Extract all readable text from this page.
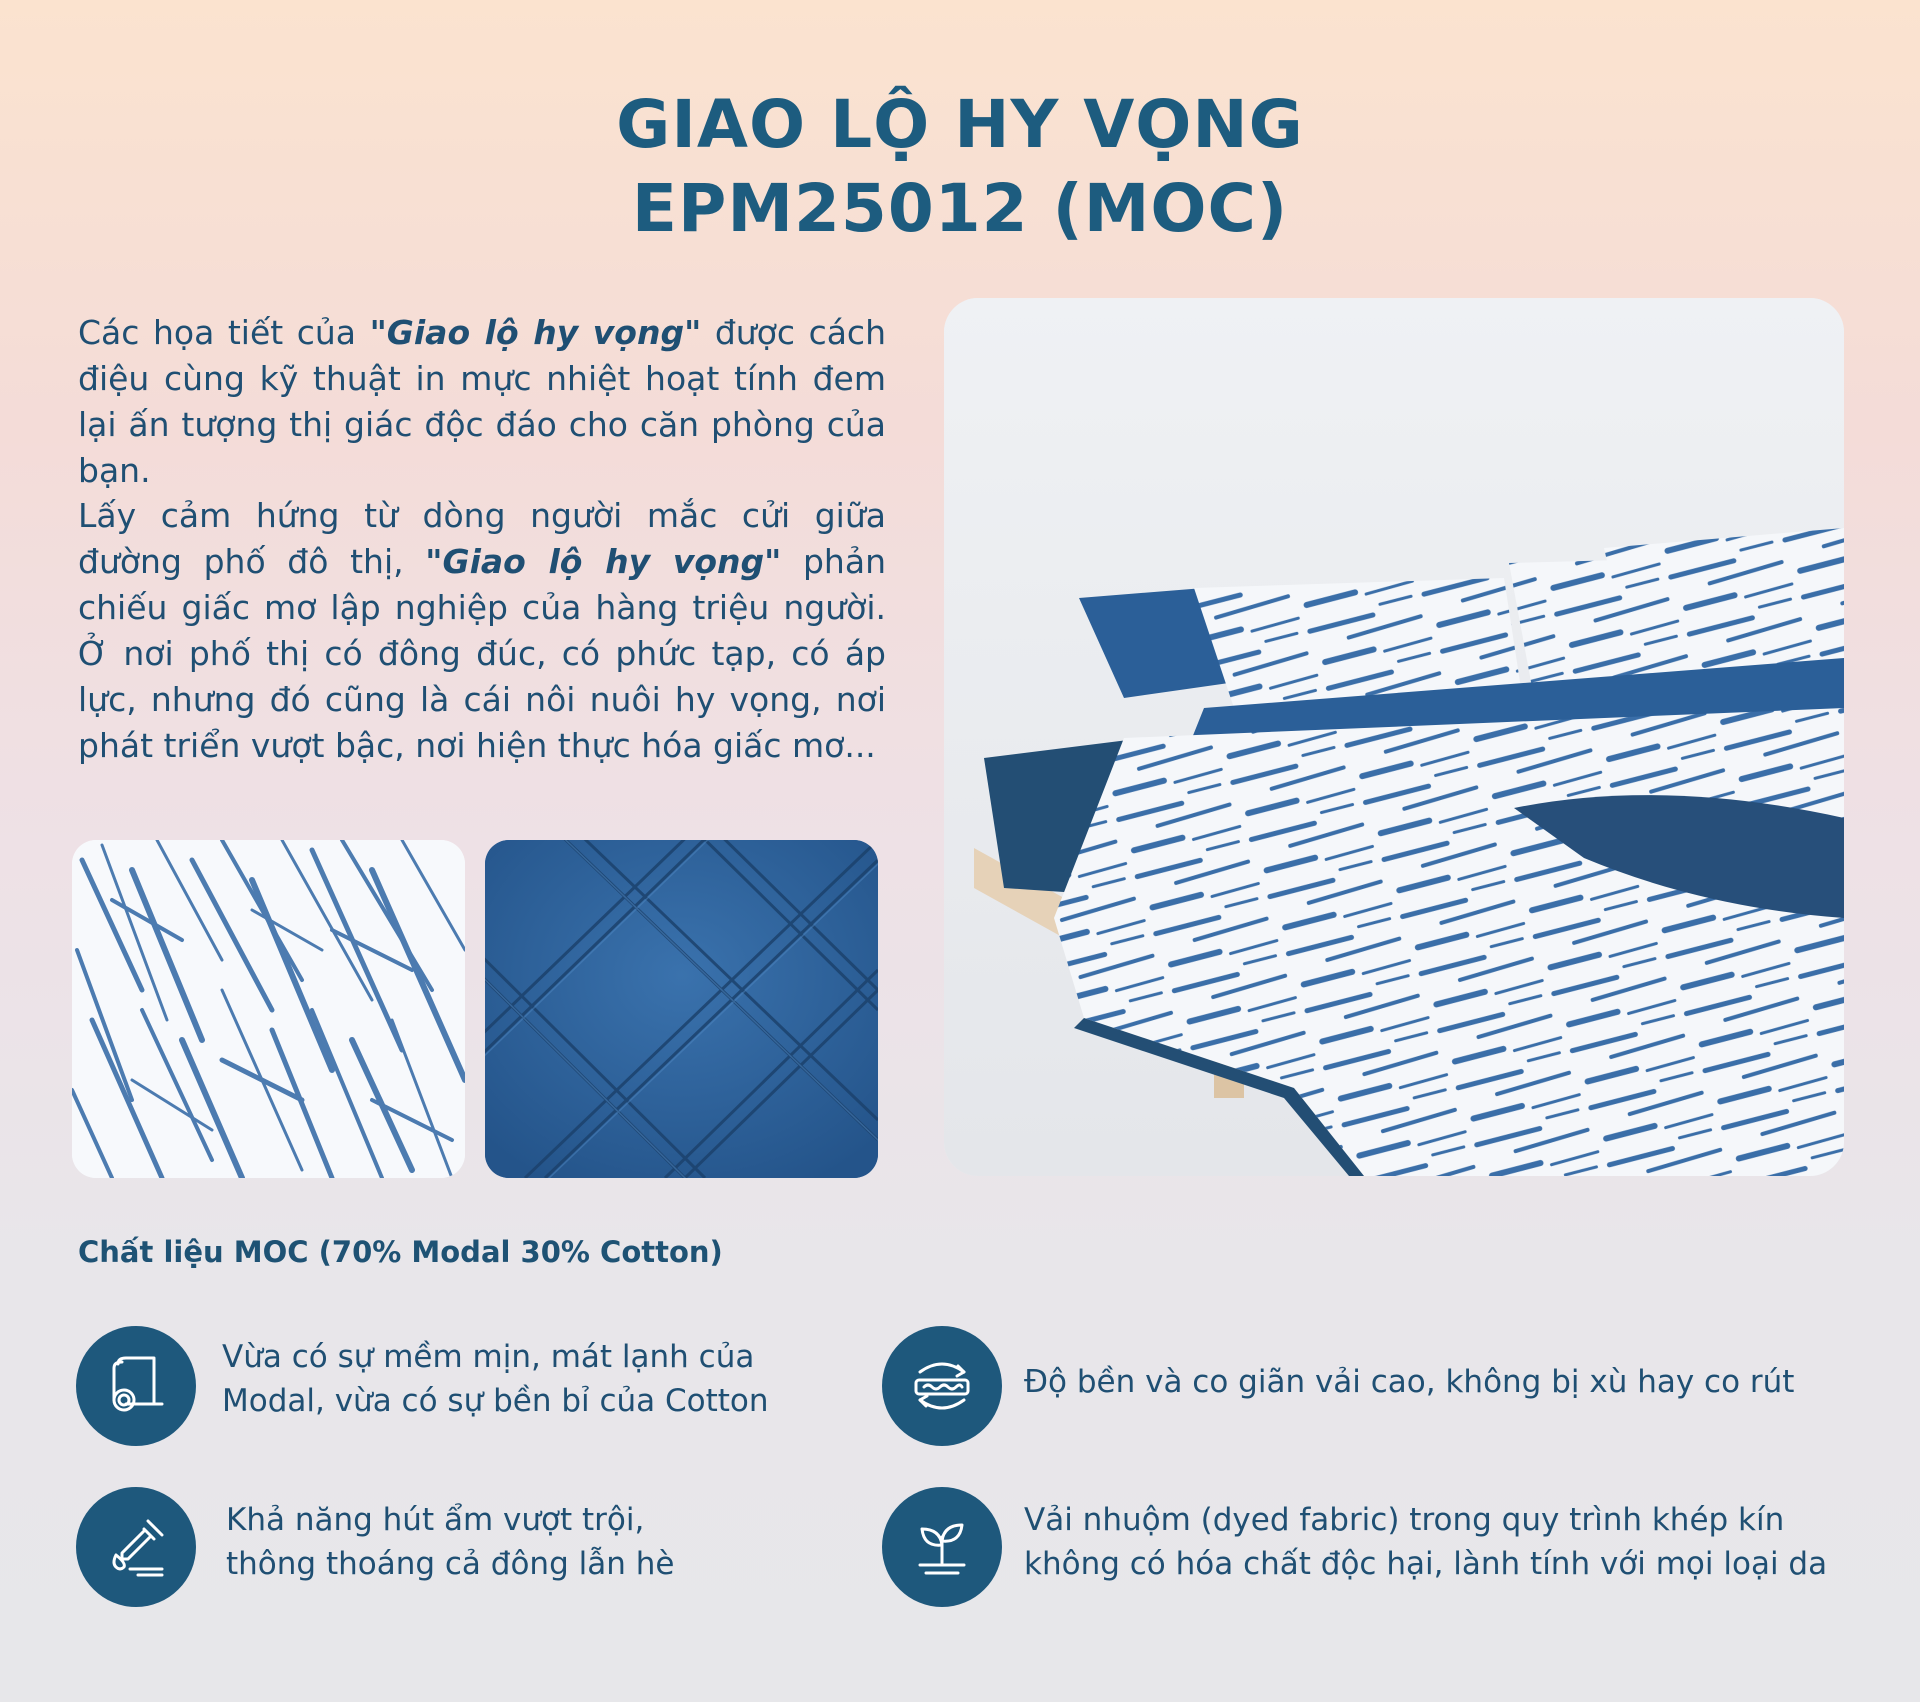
GIAO LỘ HY VỌNG
EPM25012 (MOC)

Các họa tiết của "Giao lộ hy vọng" được cách điệu cùng kỹ thuật in mực nhiệt hoạt tính đem lại ấn tượng thị giác độc đáo cho căn phòng của bạn.

Lấy cảm hứng từ dòng người mắc cửi giữa đường phố đô thị, "Giao lộ hy vọng" phản chiếu giấc mơ lập nghiệp của hàng triệu người. Ở nơi phố thị có đông đúc, có phức tạp, có áp lực, nhưng đó cũng là cái nôi nuôi hy vọng, nơi phát triển vượt bậc, nơi hiện thực hóa giấc mơ...

Chất liệu MOC (70% Modal 30% Cotton)
Vừa có sự mềm mịn, mát lạnh của
Modal, vừa có sự bền bỉ của Cotton
Độ bền và co giãn vải cao, không bị xù hay co rút
Khả năng hút ẩm vượt trội,
thông thoáng cả đông lẫn hè
Vải nhuộm (dyed fabric) trong quy trình khép kín
không có hóa chất độc hại, lành tính với mọi loại da
